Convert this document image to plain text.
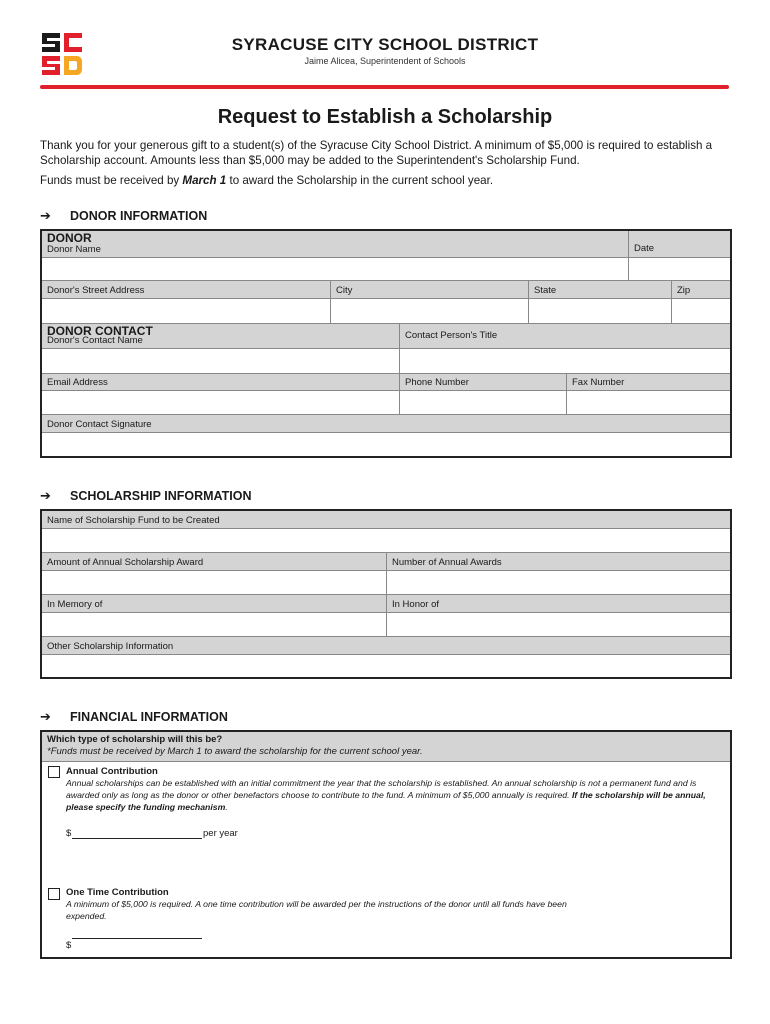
SYRACUSE CITY SCHOOL DISTRICT
Jaime Alicea, Superintendent of Schools
Request to Establish a Scholarship
Thank you for your generous gift to a student(s) of the Syracuse City School District. A minimum of $5,000 is required to establish a Scholarship account. Amounts less than $5,000 may be added to the Superintendent's Scholarship Fund.
Funds must be received by March 1 to award the Scholarship in the current school year.
➔ DONOR INFORMATION
DONOR
Donor Name	Date
Donor's Street Address	City	State	Zip
DONOR CONTACT
Donor's Contact Name	Contact Person's Title
Email Address	Phone Number	Fax Number
Donor Contact Signature
➔ SCHOLARSHIP INFORMATION
Name of Scholarship Fund to be Created
Amount of Annual Scholarship Award	Number of Annual Awards
In Memory of	In Honor of
Other Scholarship Information
➔ FINANCIAL INFORMATION
Which type of scholarship will this be?
*Funds must be received by March 1 to award the scholarship for the current school year.
Annual Contribution
Annual scholarships can be established with an initial commitment the year that the scholarship is established. An annual scholarship is not a permanent fund and is awarded only as long as the donor or other benefactors choose to contribute to the fund. A minimum of $5,000 annually is required. If the scholarship will be annual, please specify the funding mechanism.
$	per year
One Time Contribution
A minimum of $5,000 is required. A one time contribution will be awarded per the instructions of the donor until all funds have been expended.
$
